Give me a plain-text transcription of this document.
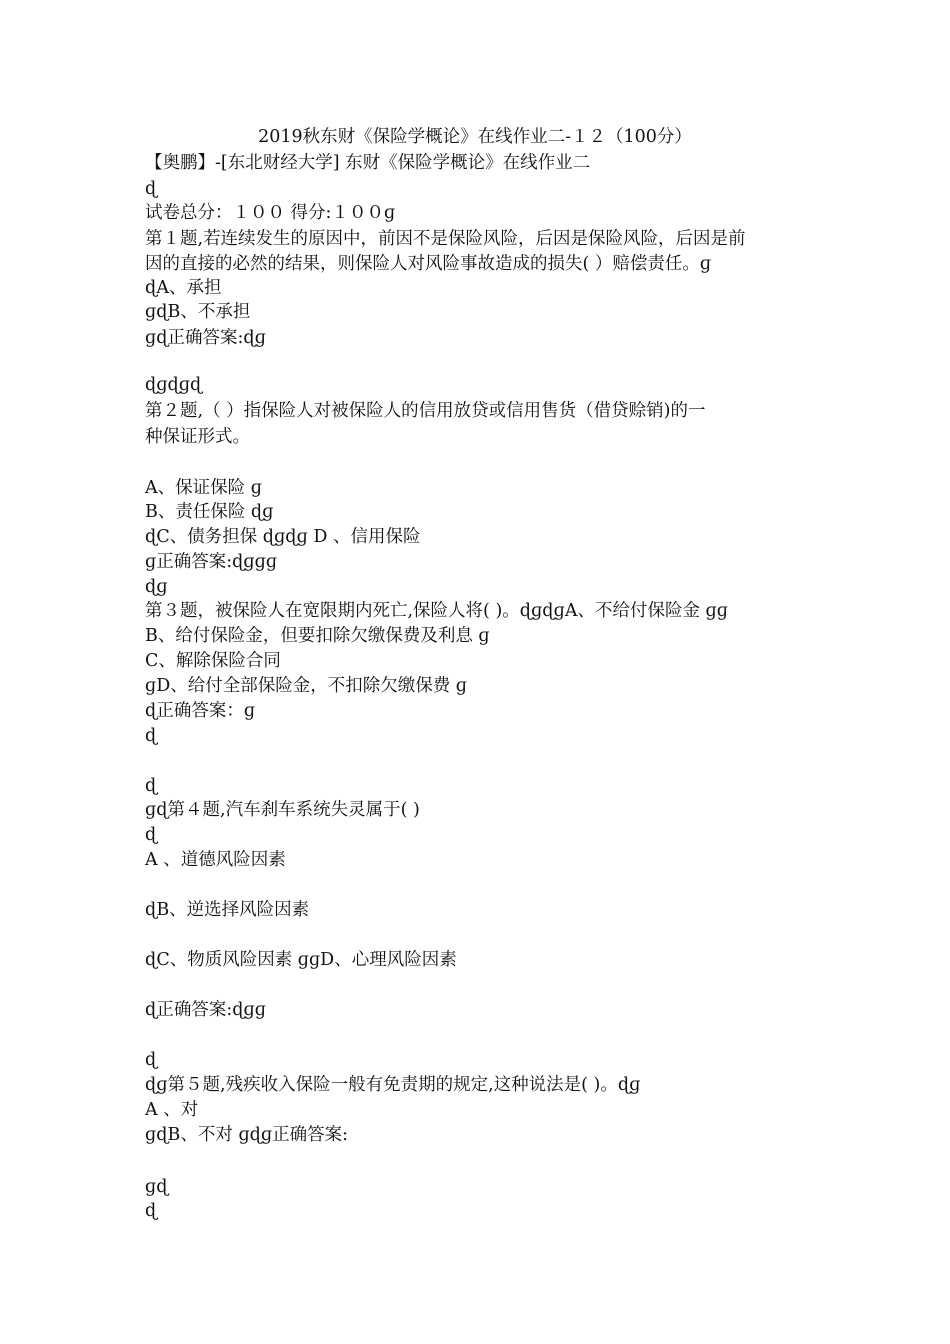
2019秋东财《保险学概论》在线作业二-１２（100分）
【奥鹏】-[东北财经大学] 东财《保险学概论》在线作业二
ɖ
试卷总分：１００ 得分:１００ɡ
第１题,若连续发生的原因中，前因不是保险风险，后因是保险风险，后因是前
因的直接的必然的结果，则保险人对风险事故造成的损失( ）赔偿责任。ɡ
ɖA、承担
ɡɖB、不承担
ɡɖ正确答案:ɖɡ
ɖɡɖɡɖ
第２题,（ ）指保险人对被保险人的信用放贷或信用售货（借贷赊销)的一
种保证形式。
A、保证保险 ɡ
B、责任保险 ɖɡ
ɖC、债务担保 ɖɡɖɡ D 、信用保险
ɡ正确答案:ɖɡɡɡ
ɖɡ
第３题，被保险人在宽限期内死亡,保险人将( )。ɖɡɖɡA、不给付保险金 ɡɡ
B、给付保险金，但要扣除欠缴保费及利息 ɡ
C、解除保险合同
ɡD、给付全部保险金，不扣除欠缴保费 ɡ
ɖ正确答案：ɡ
ɖ
ɖ
ɡɖ第４题,汽车刹车系统失灵属于( )
ɖ
A 、道德风险因素
ɖB、逆选择风险因素
ɖC、物质风险因素 ɡɡD、心理风险因素
ɖ正确答案:ɖɡɡ
ɖ
ɖɡ第５题,残疾收入保险一般有免责期的规定,这种说法是( )。ɖɡ
A 、对
ɡɖB、不对 ɡɖɡ正确答案:
ɡɖ
ɖ
